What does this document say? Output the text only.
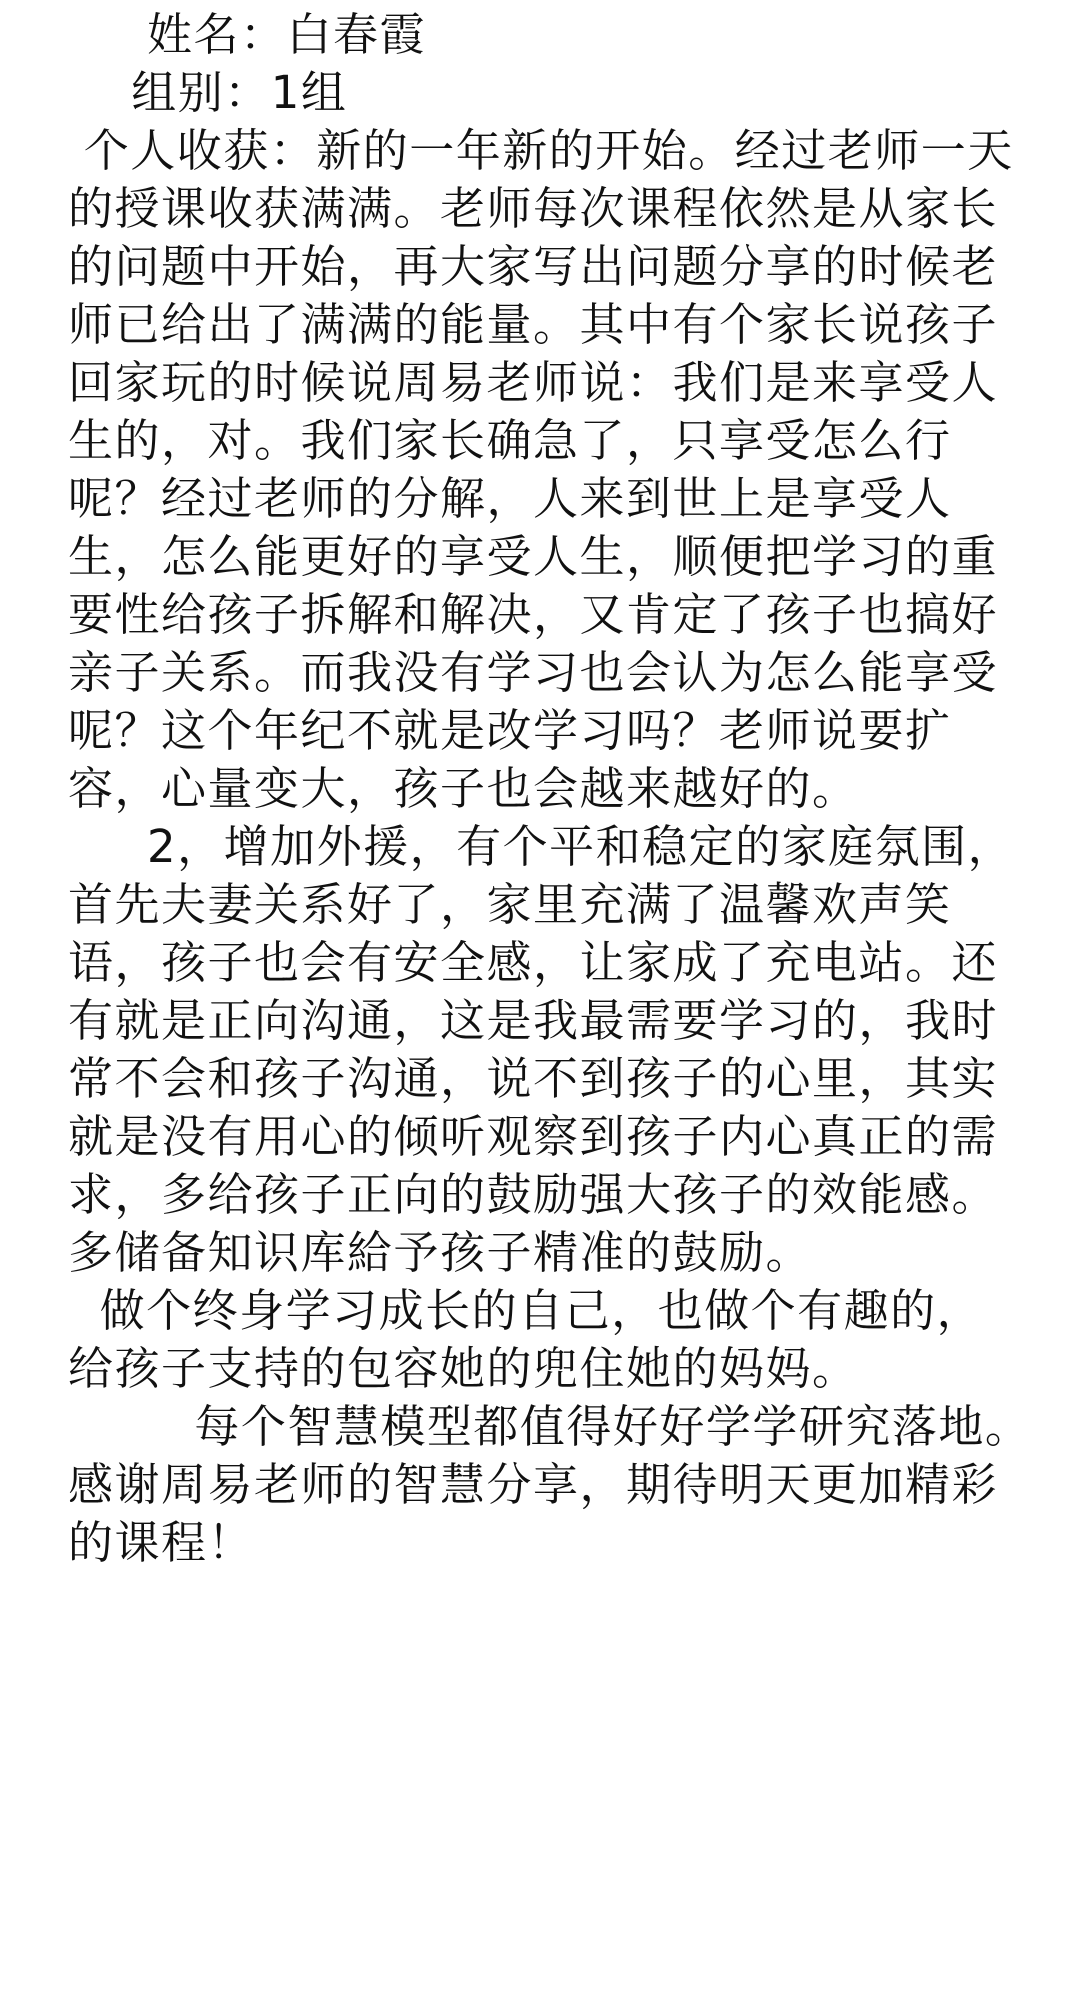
姓名：白春霞
组别：1组
个人收获：新的一年新的开始。经过老师一天
的授课收获满满。老师每次课程依然是从家长
的问题中开始，再大家写出问题分享的时候老
师已给出了满满的能量。其中有个家长说孩子
回家玩的时候说周易老师说：我们是来享受人
生的，对。我们家长确急了，只享受怎么行
呢？经过老师的分解，人来到世上是享受人
生，怎么能更好的享受人生，顺便把学习的重
要性给孩子拆解和解决，又肯定了孩子也搞好
亲子关系。而我没有学习也会认为怎么能享受
呢？这个年纪不就是改学习吗？老师说要扩
容，心量变大，孩子也会越来越好的。
2，增加外援，有个平和稳定的家庭氛围，
首先夫妻关系好了，家里充满了温馨欢声笑
语，孩子也会有安全感，让家成了充电站。还
有就是正向沟通，这是我最需要学习的，我时
常不会和孩子沟通，说不到孩子的心里，其实
就是没有用心的倾听观察到孩子内心真正的需
求，多给孩子正向的鼓励强大孩子的效能感。
多储备知识库給予孩子精准的鼓励。
做个终身学习成长的自己，也做个有趣的，
给孩子支持的包容她的兜住她的妈妈。
每个智慧模型都值得好好学学研究落地。
感谢周易老师的智慧分享，期待明天更加精彩
的课程！
